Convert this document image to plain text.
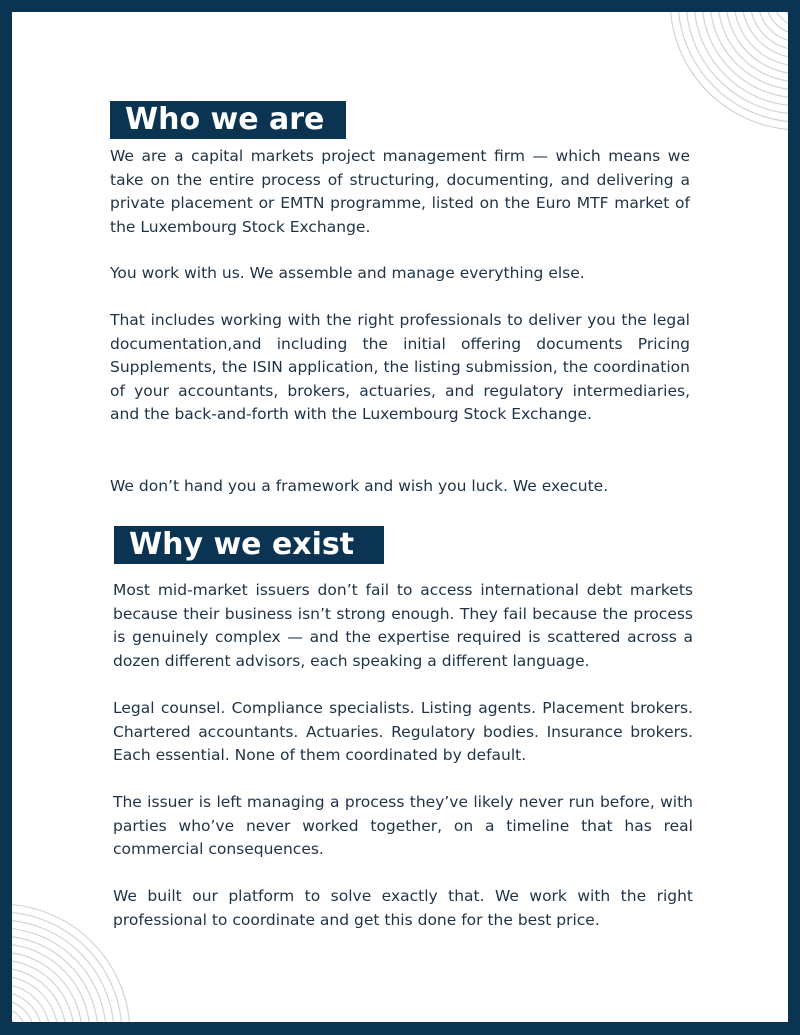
Who we are

We are a capital markets project management firm — which means we take on the entire process of structuring, documenting, and delivering a private placement or EMTN programme, listed on the Euro MTF market of the Luxembourg Stock Exchange.

You work with us. We assemble and manage everything else.

That includes working with the right professionals to deliver you the legal documentation,and including the initial offering documents Pricing Supplements, the ISIN application, the listing submission, the coordination of your accountants, brokers, actuaries, and regulatory intermediaries, and the back-and-forth with the Luxembourg Stock Exchange.

We don’t hand you a framework and wish you luck. We execute.

Why we exist

Most mid-market issuers don’t fail to access international debt markets because their business isn’t strong enough. They fail because the process is genuinely complex — and the expertise required is scattered across a dozen different advisors, each speaking a different language.

Legal counsel. Compliance specialists. Listing agents. Placement brokers. Chartered accountants. Actuaries. Regulatory bodies. Insurance brokers. Each essential. None of them coordinated by default.

The issuer is left managing a process they’ve likely never run before, with parties who’ve never worked together, on a timeline that has real commercial consequences.

We built our platform to solve exactly that. We work with the right professional to coordinate and get this done for the best price.
